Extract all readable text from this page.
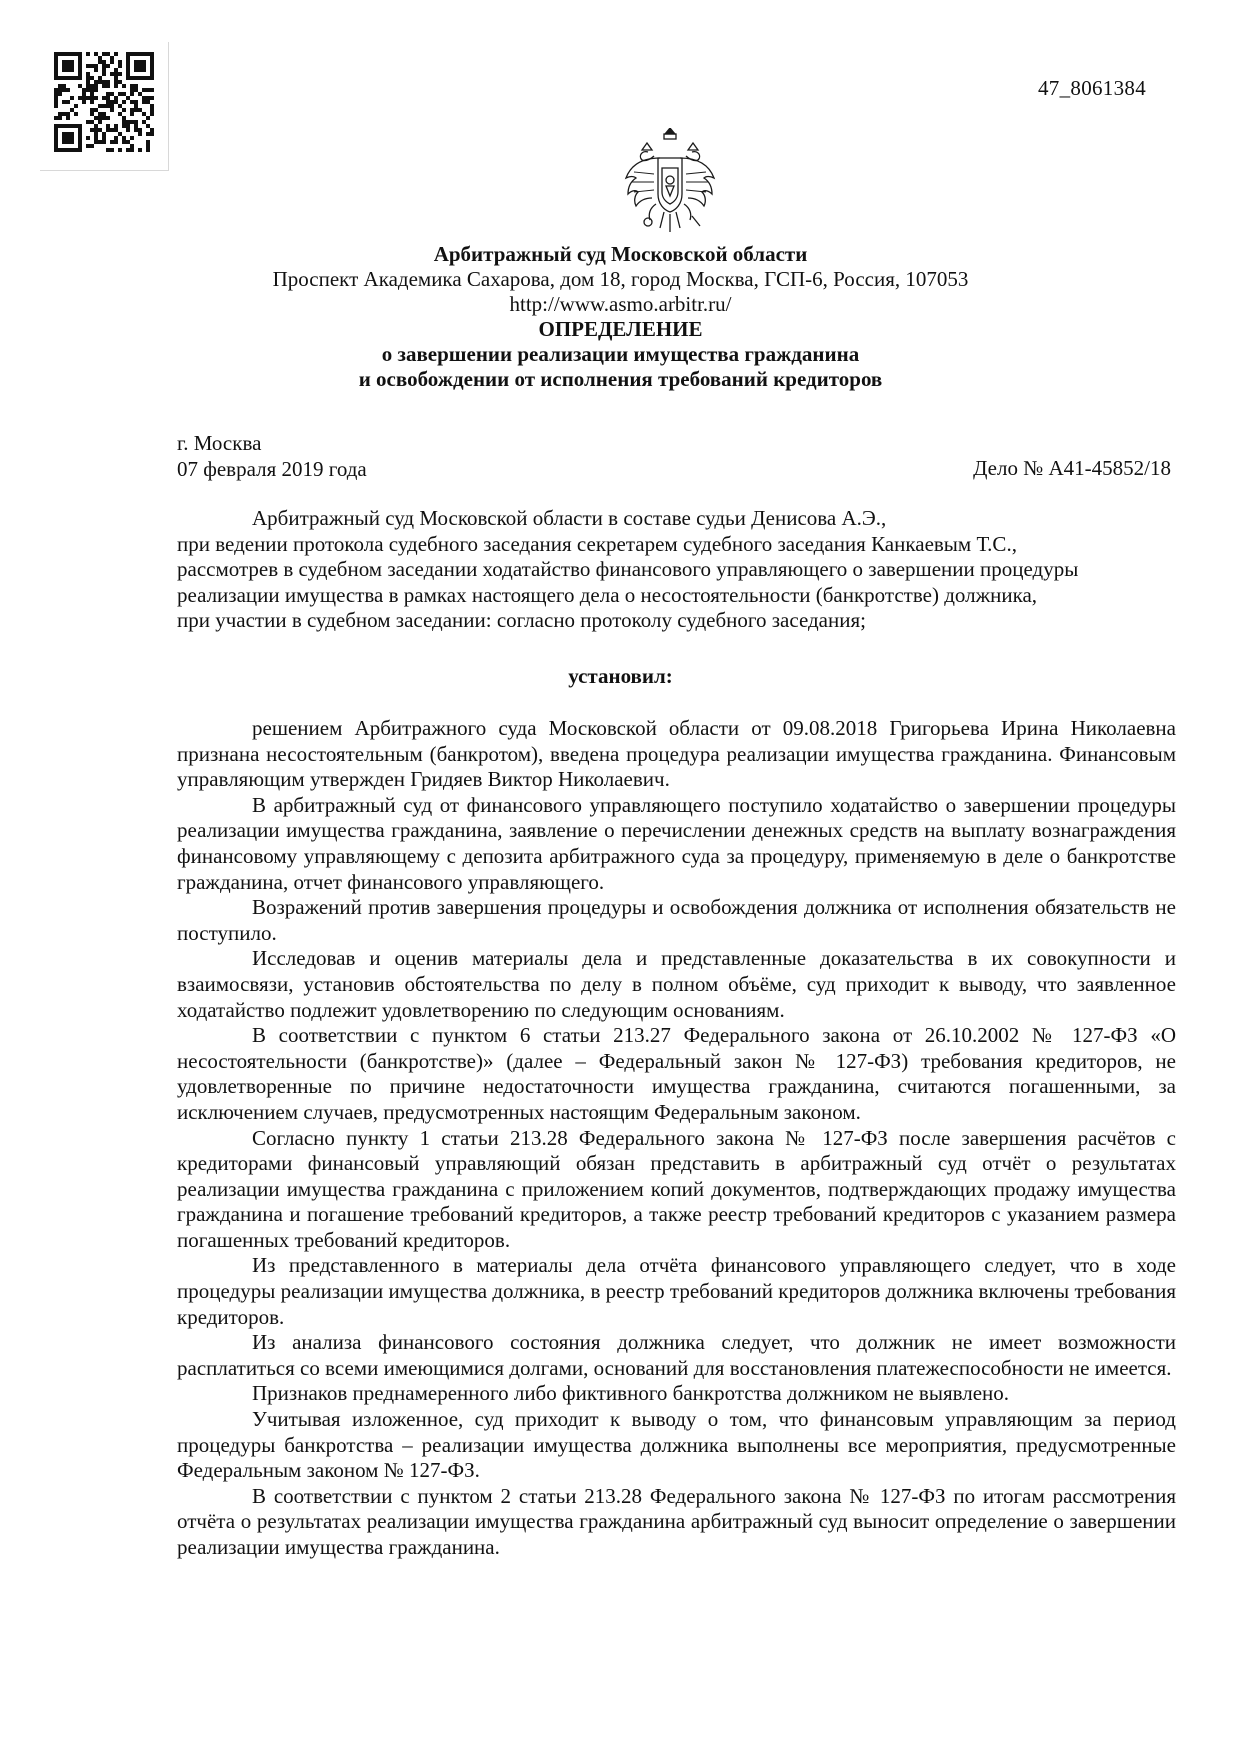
47_8061384
Арбитражный суд Московской области
Проспект Академика Сахарова, дом 18, город Москва, ГСП-6, Россия, 107053
http://www.asmo.arbitr.ru/
ОПРЕДЕЛЕНИЕ
о завершении реализации имущества гражданина
и освобождении от исполнения требований кредиторов
г. Москва
07 февраля 2019 года	Дело № А41-45852/18

Арбитражный суд Московской области в составе судьи Денисова А.Э.,

при ведении протокола судебного заседания секретарем судебного заседания Канкаевым Т.С.,

рассмотрев в судебном заседании ходатайство финансового управляющего о завершении процедуры

реализации имущества в рамках настоящего дела о несостоятельности (банкротстве) должника,

при участии в судебном заседании: согласно протоколу судебного заседания;

установил:

решением Арбитражного суда Московской области от 09.08.2018 Григорьева Ирина Николаевна признана несостоятельным (банкротом), введена процедура реализации имущества гражданина. Финансовым управляющим утвержден Гридяев Виктор Николаевич.

В арбитражный суд от финансового управляющего поступило ходатайство о завершении процедуры реализации имущества гражданина, заявление о перечислении денежных средств на выплату вознаграждения финансовому управляющему с депозита арбитражного суда за процедуру, применяемую в деле о банкротстве гражданина, отчет финансового управляющего.

Возражений против завершения процедуры и освобождения должника от исполнения обязательств не поступило.

Исследовав и оценив материалы дела и представленные доказательства в их совокупности и взаимосвязи, установив обстоятельства по делу в полном объёме, суд приходит к выводу, что заявленное ходатайство подлежит удовлетворению по следующим основаниям.

В соответствии с пунктом 6 статьи 213.27 Федерального закона от 26.10.2002 № 127-ФЗ «О несостоятельности (банкротстве)» (далее – Федеральный закон № 127-ФЗ) требования кредиторов, не удовлетворенные по причине недостаточности имущества гражданина, считаются погашенными, за исключением случаев, предусмотренных настоящим Федеральным законом.

Согласно пункту 1 статьи 213.28 Федерального закона № 127-ФЗ после завершения расчётов с кредиторами финансовый управляющий обязан представить в арбитражный суд отчёт о результатах реализации имущества гражданина с приложением копий документов, подтверждающих продажу имущества гражданина и погашение требований кредиторов, а также реестр требований кредиторов с указанием размера погашенных требований кредиторов.

Из представленного в материалы дела отчёта финансового управляющего следует, что в ходе процедуры реализации имущества должника, в реестр требований кредиторов должника включены требования кредиторов.

Из анализа финансового состояния должника следует, что должник не имеет возможности расплатиться со всеми имеющимися долгами, оснований для восстановления платежеспособности не имеется.

Признаков преднамеренного либо фиктивного банкротства должником не выявлено.

Учитывая изложенное, суд приходит к выводу о том, что финансовым управляющим за период процедуры банкротства – реализации имущества должника выполнены все мероприятия, предусмотренные Федеральным законом № 127-ФЗ.

В соответствии с пунктом 2 статьи 213.28 Федерального закона № 127-ФЗ по итогам рассмотрения отчёта о результатах реализации имущества гражданина арбитражный суд выносит определение о завершении реализации имущества гражданина.
